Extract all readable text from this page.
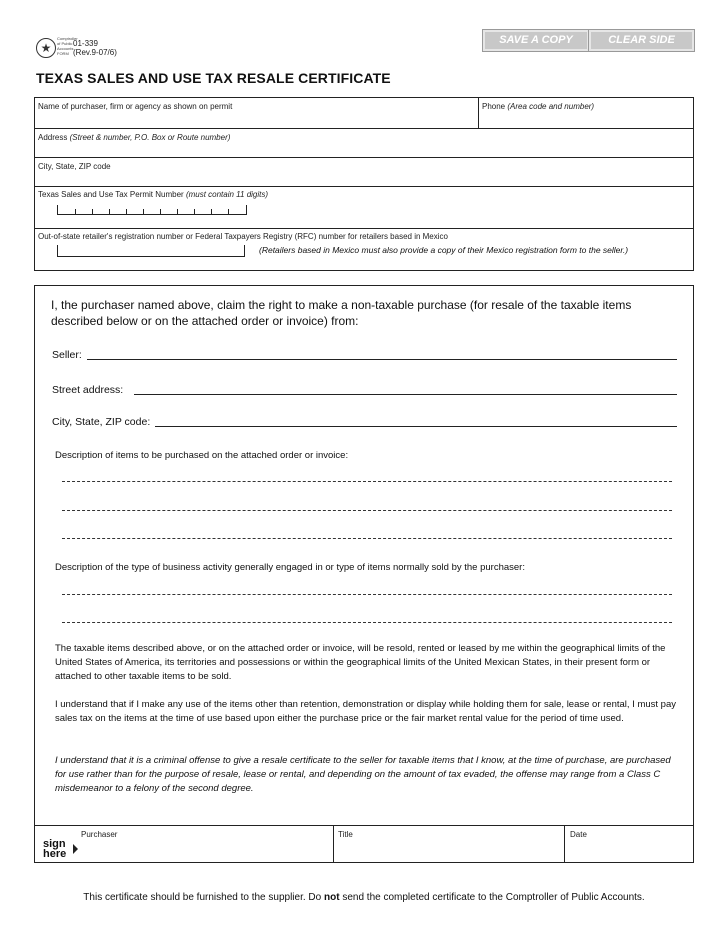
★
Comptroller
of Public
Accounts
FORM
01-339
(Rev.9-07/6)
SAVE A COPY	CLEAR SIDE
TEXAS SALES AND USE TAX RESALE CERTIFICATE
Name of purchaser, firm or agency as shown on permit	Phone (Area code and number)
Address (Street & number, P.O. Box or Route number)
City, State, ZIP code
Texas Sales and Use Tax Permit Number (must contain 11 digits)
Out-of-state retailer's registration number or Federal Taxpayers Registry (RFC) number for retailers based in Mexico
(Retailers based in Mexico must also provide a copy of their Mexico registration form to the seller.)
I, the purchaser named above, claim the right to make a non-taxable purchase (for resale of the taxable items described below or on the attached order or invoice) from:
Seller:
Street address:
City, State, ZIP code:
Description of items to be purchased on the attached order or invoice:
Description of the type of business activity generally engaged in or type of items normally sold by the purchaser:
The taxable items described above, or on the attached order or invoice, will be resold, rented or leased by me within the geographical limits of the United States of America, its territories and possessions or within the geographical limits of the United Mexican States, in their present form or attached to other taxable items to be sold.
I understand that if I make any use of the items other than retention, demonstration or display while holding them for sale, lease or rental, I must pay sales tax on the items at the time of use based upon either the purchase price or the fair market rental value for the period of time used.
I understand that it is a criminal offense to give a resale certificate to the seller for taxable items that I know, at the time of purchase, are purchased for use rather than for the purpose of resale, lease or rental, and depending on the amount of tax evaded, the offense may range from a Class C misdemeanor to a felony of the second degree.
sign
here
Purchaser	Title	Date
This certificate should be furnished to the supplier. Do not send the completed certificate to the Comptroller of Public Accounts.
